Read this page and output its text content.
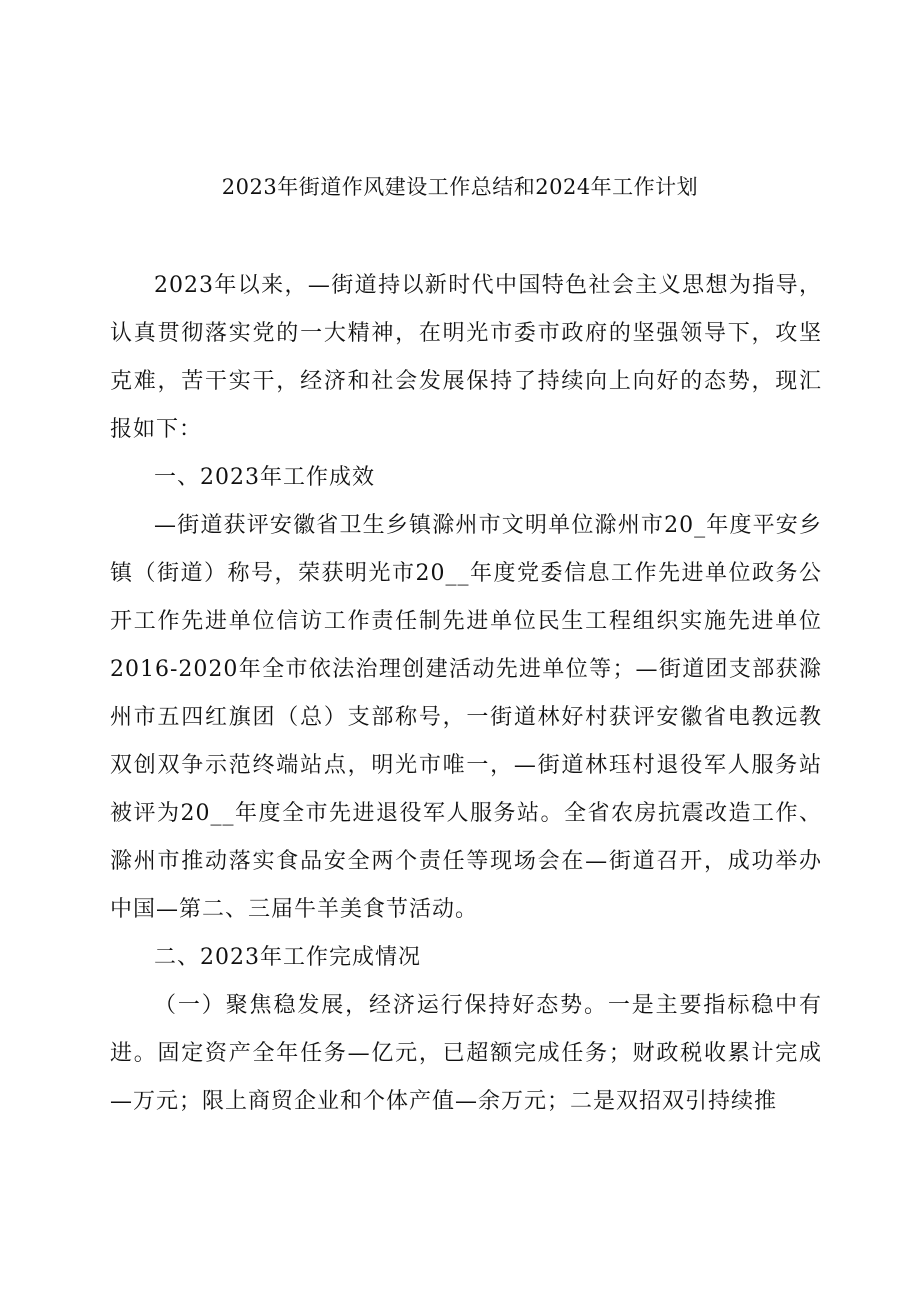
2023年街道作风建设工作总结和2024年工作计划

2023年以来，—街道持以新时代中国特色社会主义思想为指导，认真贯彻落实党的一大精神，在明光市委市政府的坚强领导下，攻坚克难，苦干实干，经济和社会发展保持了持续向上向好的态势，现汇报如下：

一、2023年工作成效

—街道获评安徽省卫生乡镇滁州市文明单位滁州市20_年度平安乡镇（街道）称号，荣获明光市20__年度党委信息工作先进单位政务公开工作先进单位信访工作责任制先进单位民生工程组织实施先进单位2016-2020年全市依法治理创建活动先进单位等；—街道团支部获滁州市五四红旗团（总）支部称号，一街道林好村获评安徽省电教远教双创双争示范终端站点，明光市唯一，—街道林珏村退役军人服务站被评为20__年度全市先进退役军人服务站。全省农房抗震改造工作、滁州市推动落实食品安全两个责任等现场会在—街道召开，成功举办中国—第二、三届牛羊美食节活动。

二、2023年工作完成情况

（一）聚焦稳发展，经济运行保持好态势。一是主要指标稳中有进。固定资产全年任务—亿元，已超额完成任务；财政税收累计完成—万元；限上商贸企业和个体产值—余万元；二是双招双引持续推
